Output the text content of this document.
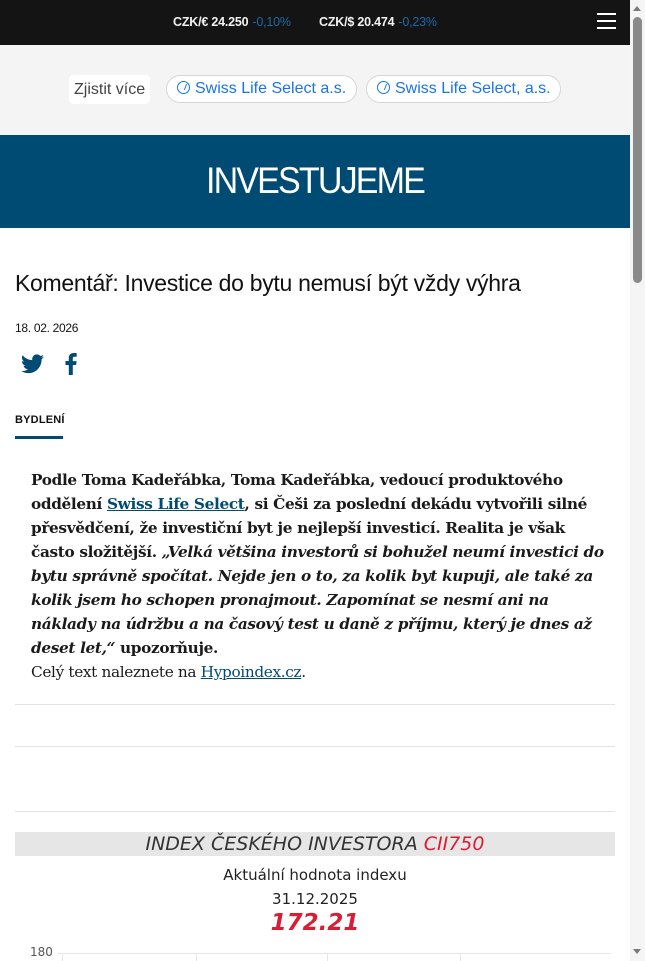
CZK/€ 24.250 -0,10% CZK/$ 20.474 -0,23%
Zjistit více	Swiss Life Select a.s.	Swiss Life Select, a.s.
INVESTUJEME
Komentář: Investice do bytu nemusí být vždy výhra
18. 02. 2026
BYDLENÍ
Podle Toma Kadeřábka, Toma Kadeřábka, vedoucí produktového oddělení Swiss Life Select, si Češi za poslední dekádu vytvořili silné přesvědčení, že investiční byt je nejlepší investicí. Realita je však často složitější. „Velká většina investorů si bohužel neumí investici do bytu správně spočítat. Nejde jen o to, za kolik byt kupuji, ale také za kolik jsem ho schopen pronajmout. Zapomínat se nesmí ani na náklady na údržbu a na časový test u daně z příjmu, který je dnes až deset let,“ upozorňuje.
Celý text naleznete na Hypoindex.cz.
INDEX ČESKÉHO INVESTORA CII750
Aktuální hodnota indexu
31.12.2025
172.21
180
